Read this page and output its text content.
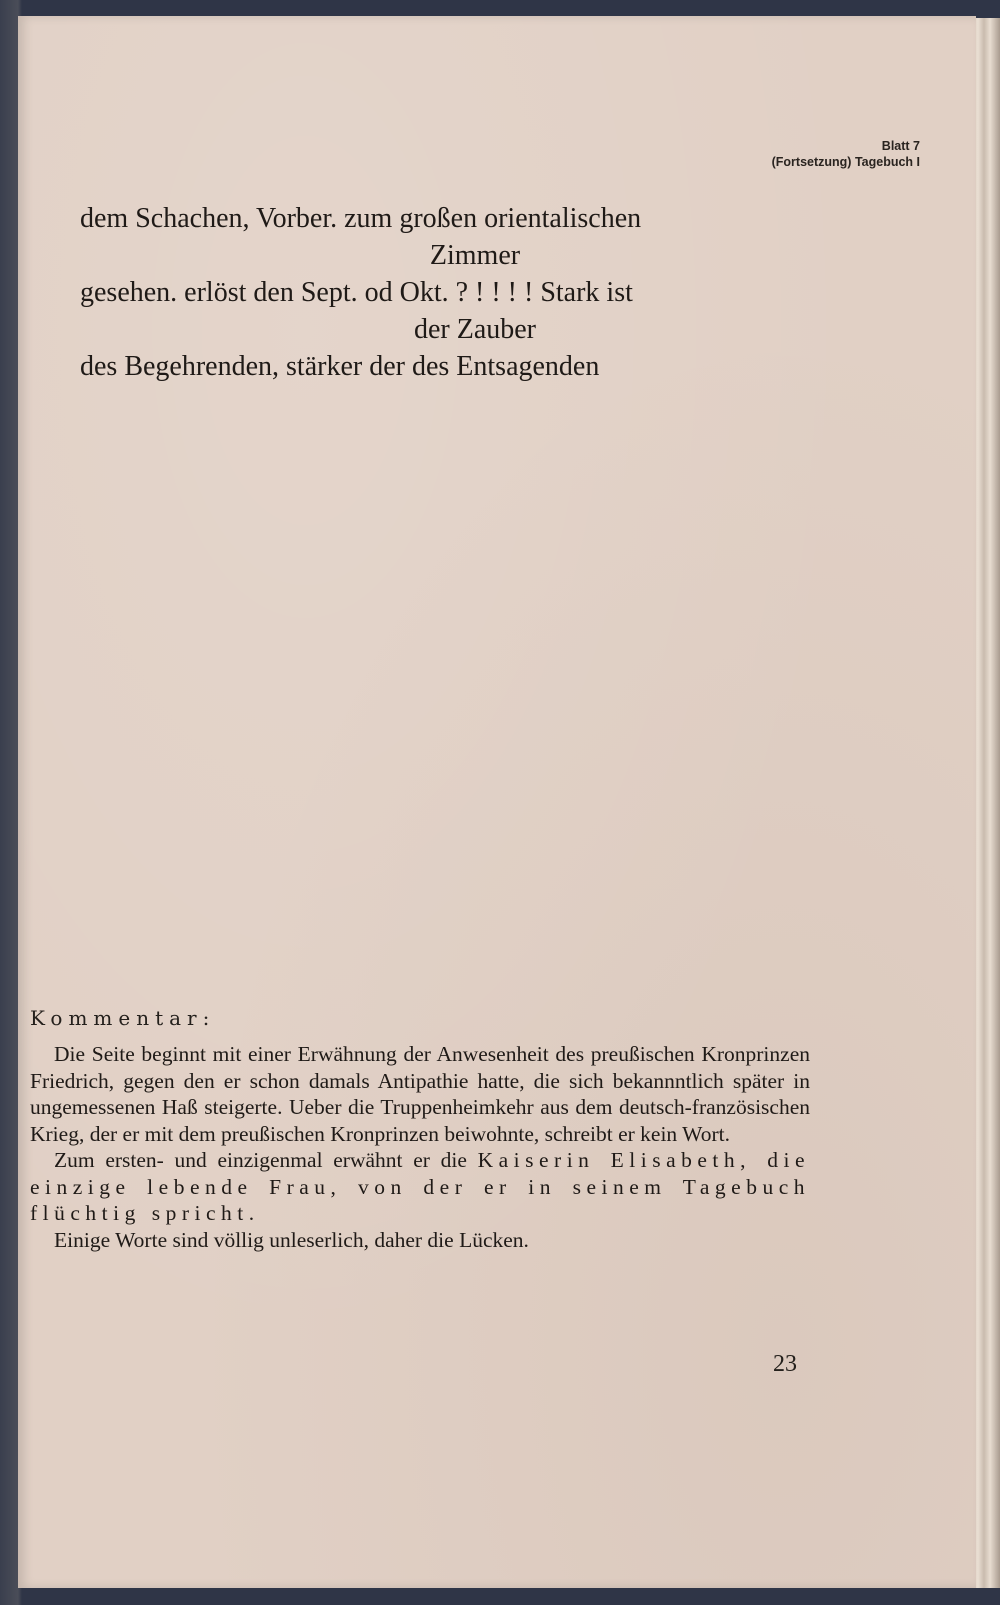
Blatt 7
(Fortsetzung) Tagebuch I
dem Schachen, Vorber. zum großen orientalischen
Zimmer
gesehen. erlöst den Sept. od Okt. ? ! ! ! ! Stark ist
der Zauber
des Begehrenden, stärker der des Entsagenden
Kommentar:

Die Seite beginnt mit einer Erwähnung der Anwesenheit des preußischen Kronprinzen Friedrich, gegen den er schon damals Antipathie hatte, die sich bekannntlich später in ungemessenen Haß steigerte. Ueber die Truppenheimkehr aus dem deutsch-französischen Krieg, der er mit dem preußischen Kronprinzen beiwohnte, schreibt er kein Wort.

Zum ersten- und einzigenmal erwähnt er die Kaiserin Elisabeth, die einzige lebende Frau, von der er in seinem Tagebuch flüchtig spricht.

Einige Worte sind völlig unleserlich, daher die Lücken.

23
